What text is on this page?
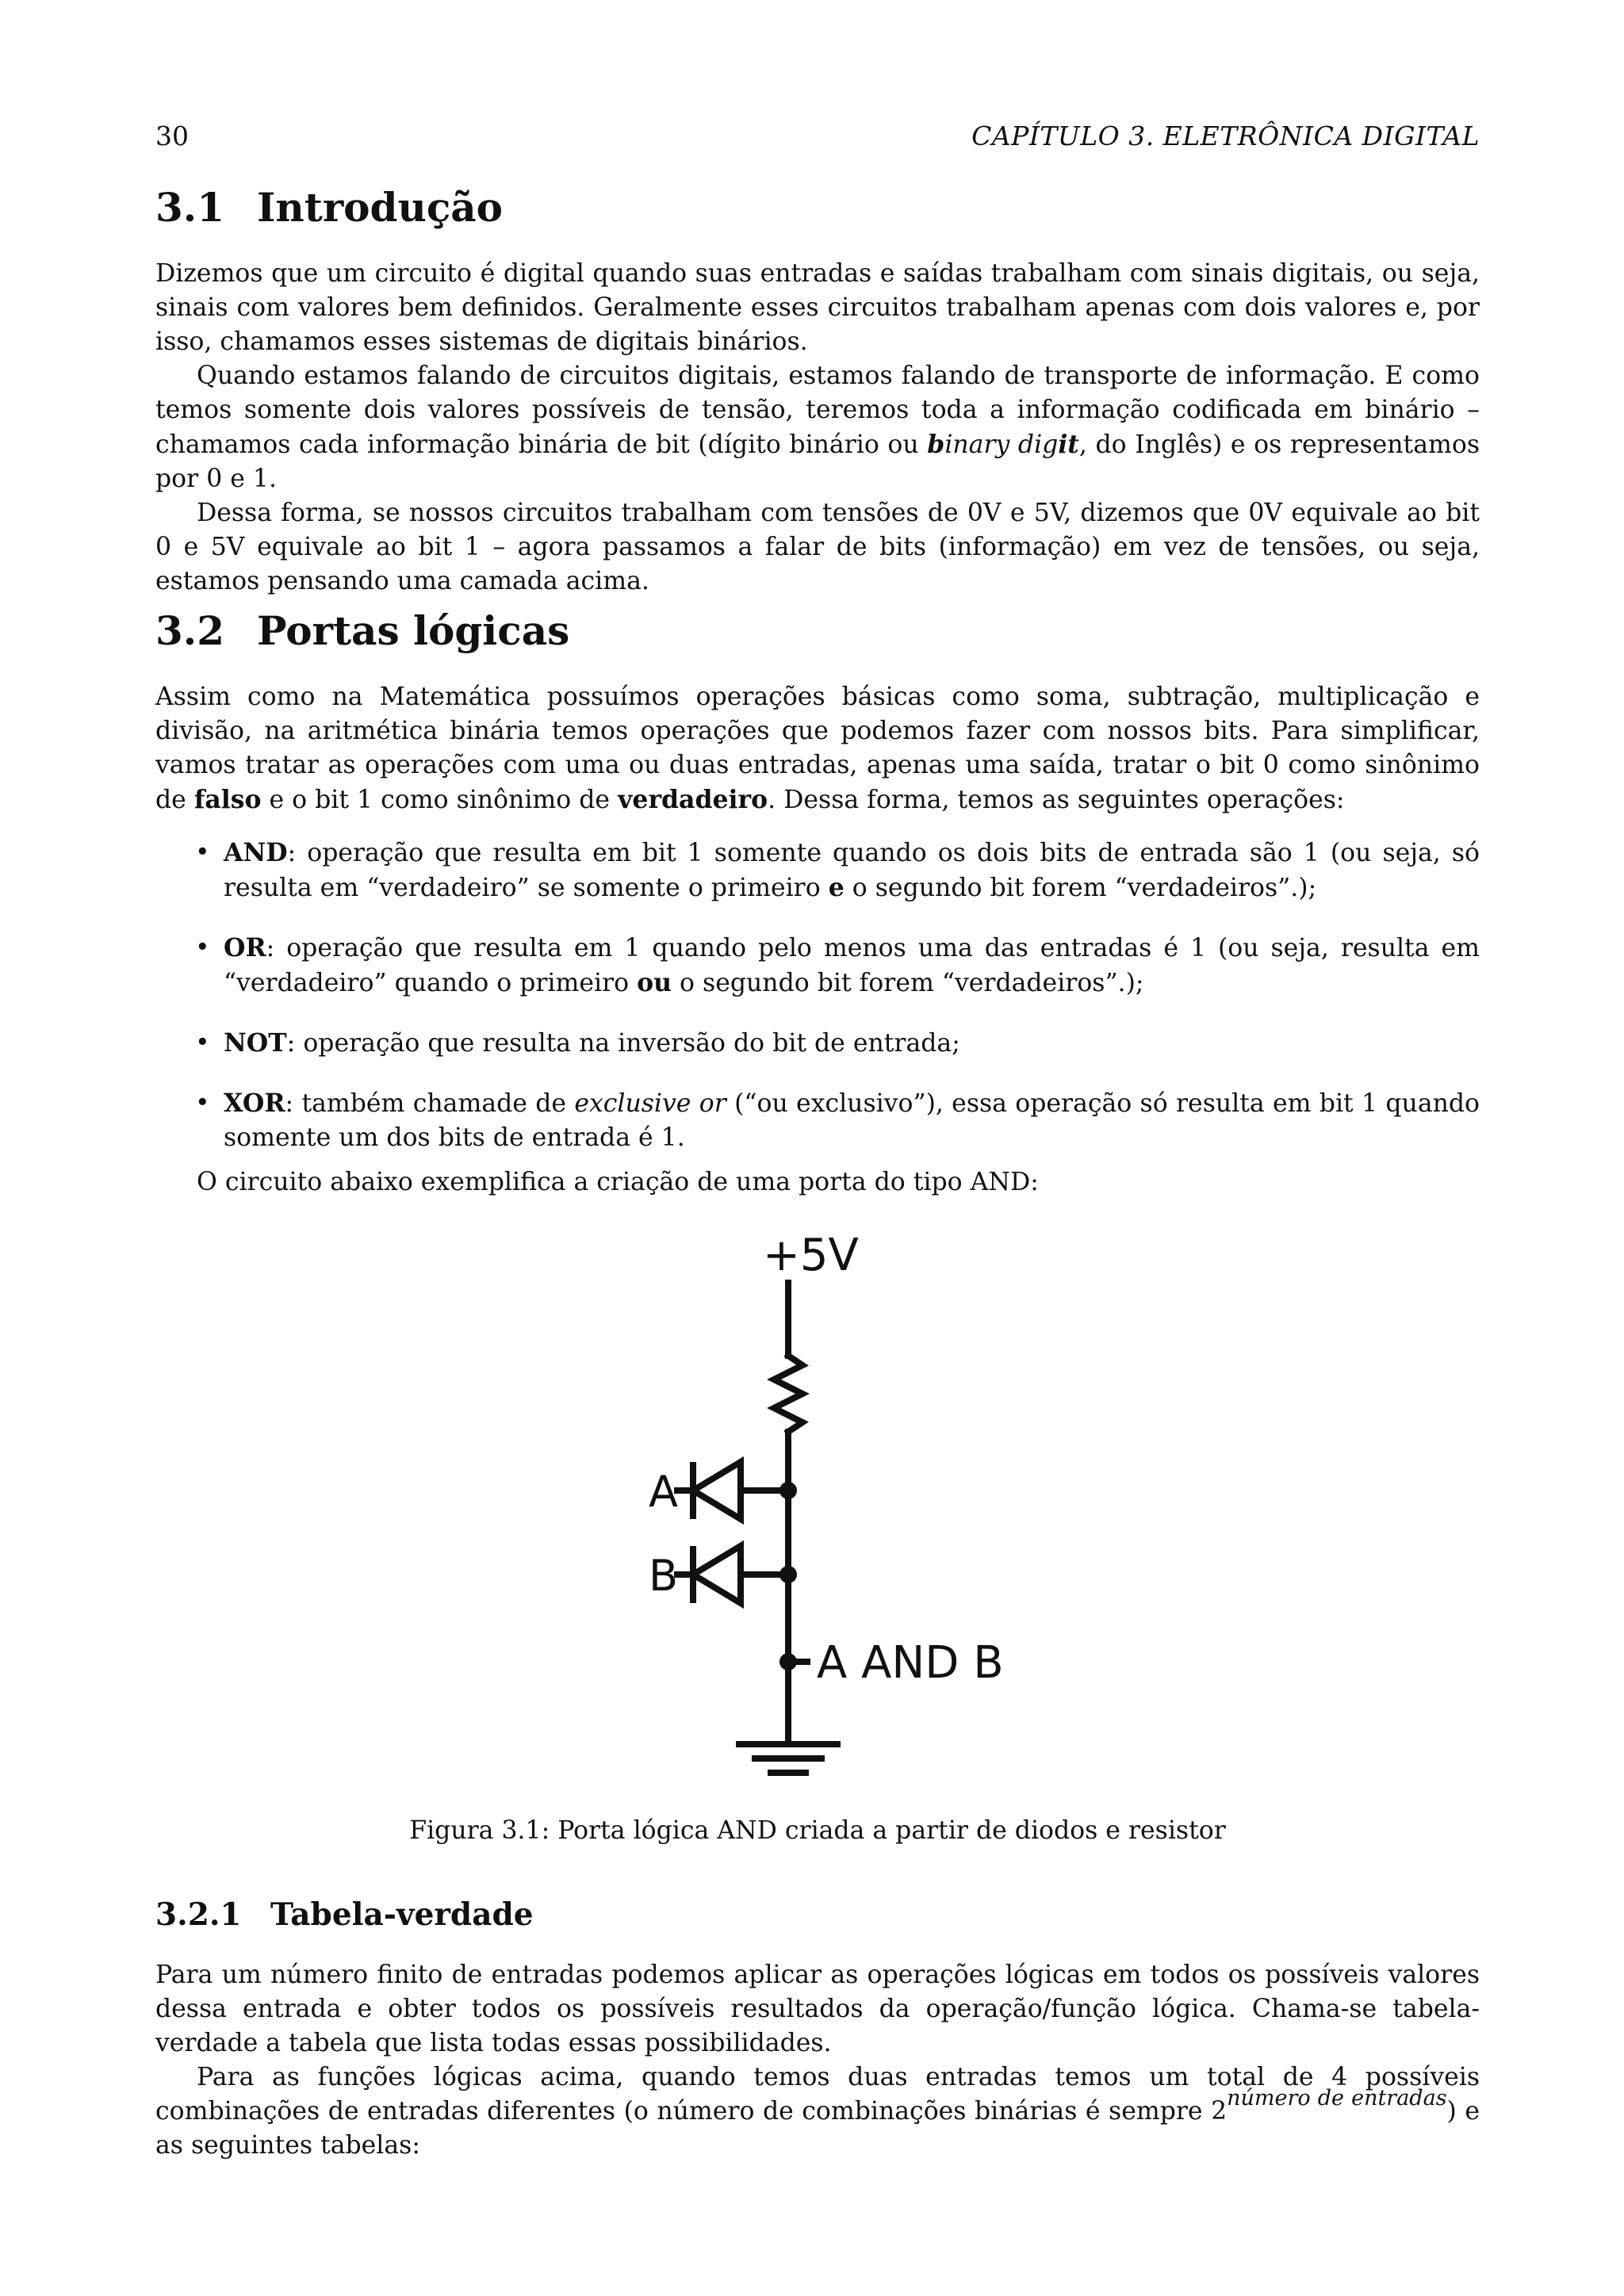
30	CAPÍTULO 3. ELETRÔNICA DIGITAL
3.1 Introdução

Dizemos que um circuito é digital quando suas entradas e saídas trabalham com sinais digitais, ou seja, sinais com valores bem definidos. Geralmente esses circuitos trabalham apenas com dois valores e, por isso, chamamos esses sistemas de digitais binários.

Quando estamos falando de circuitos digitais, estamos falando de transporte de informação. E como temos somente dois valores possíveis de tensão, teremos toda a informação codificada em binário – chamamos cada informação binária de bit (dígito binário ou binary digit, do Inglês) e os representamos por 0 e 1.

Dessa forma, se nossos circuitos trabalham com tensões de 0V e 5V, dizemos que 0V equivale ao bit 0 e 5V equivale ao bit 1 – agora passamos a falar de bits (informação) em vez de tensões, ou seja, estamos pensando uma camada acima.

3.2 Portas lógicas

Assim como na Matemática possuímos operações básicas como soma, subtração, multiplicação e divisão, na aritmética binária temos operações que podemos fazer com nossos bits. Para simplificar, vamos tratar as operações com uma ou duas entradas, apenas uma saída, tratar o bit 0 como sinônimo de falso e o bit 1 como sinônimo de verdadeiro. Dessa forma, temos as seguintes operações:

• AND: operação que resulta em bit 1 somente quando os dois bits de entrada são 1 (ou seja, só resulta em “verdadeiro” se somente o primeiro e o segundo bit forem “verdadeiros”.);
• OR: operação que resulta em 1 quando pelo menos uma das entradas é 1 (ou seja, resulta em “verdadeiro” quando o primeiro ou o segundo bit forem “verdadeiros”.);
• NOT: operação que resulta na inversão do bit de entrada;
• XOR: também chamade de exclusive or (“ou exclusivo”), essa operação só resulta em bit 1 quando somente um dos bits de entrada é 1.

O circuito abaixo exemplifica a criação de uma porta do tipo AND:

+5V
A
B
A AND B
Figura 3.1: Porta lógica AND criada a partir de diodos e resistor
3.2.1 Tabela-verdade

Para um número finito de entradas podemos aplicar as operações lógicas em todos os possíveis valores dessa entrada e obter todos os possíveis resultados da operação/função lógica. Chama-se tabela-verdade a tabela que lista todas essas possibilidades.

Para as funções lógicas acima, quando temos duas entradas temos um total de 4 possíveis combinações de entradas diferentes (o número de combinações binárias é sempre $2^{número de entradas}$) e as seguintes tabelas:
